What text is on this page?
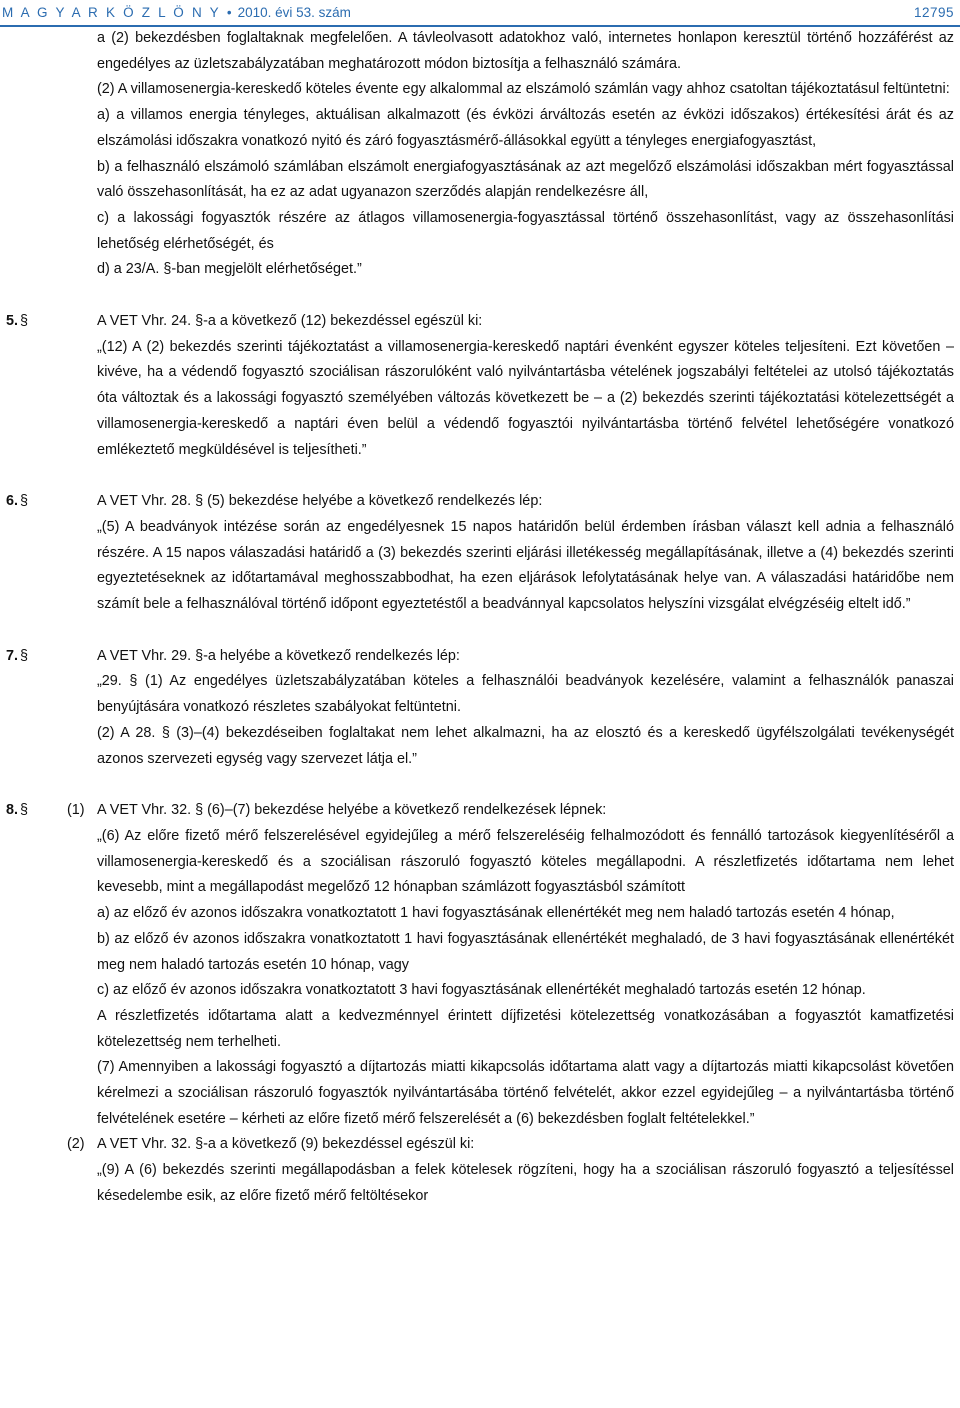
M A G Y A R K Ö Z L Ö N Y • 2010. évi 53. szám	12795

a (2) bekezdésben foglaltaknak megfelelően. A távleolvasott adatokhoz való, internetes honlapon keresztül történő hozzáférést az engedélyes az üzletszabályzatában meghatározott módon biztosítja a felhasználó számára.

(2) A villamosenergia-kereskedő köteles évente egy alkalommal az elszámoló számlán vagy ahhoz csatoltan tájékoztatásul feltüntetni:

a) a villamos energia tényleges, aktuálisan alkalmazott (és évközi árváltozás esetén az évközi időszakos) értékesítési árát és az elszámolási időszakra vonatkozó nyitó és záró fogyasztásmérő-állásokkal együtt a tényleges energiafogyasztást,

b) a felhasználó elszámoló számlában elszámolt energiafogyasztásának az azt megelőző elszámolási időszakban mért fogyasztással való összehasonlítását, ha ez az adat ugyanazon szerződés alapján rendelkezésre áll,

c) a lakossági fogyasztók részére az átlagos villamosenergia-fogyasztással történő összehasonlítást, vagy az összehasonlítási lehetőség elérhetőségét, és

d) a 23/A. §-ban megjelölt elérhetőséget.”

5. §	A VET Vhr. 24. §-a a következő (12) bekezdéssel egészül ki:

„(12) A (2) bekezdés szerinti tájékoztatást a villamosenergia-kereskedő naptári évenként egyszer köteles teljesíteni. Ezt követően – kivéve, ha a védendő fogyasztó szociálisan rászorulóként való nyilvántartásba vételének jogszabályi feltételei az utolsó tájékoztatás óta változtak és a lakossági fogyasztó személyében változás következett be – a (2) bekezdés szerinti tájékoztatási kötelezettségét a villamosenergia-kereskedő a naptári éven belül a védendő fogyasztói nyilvántartásba történő felvétel lehetőségére vonatkozó emlékeztető megküldésével is teljesítheti.”

6. §	A VET Vhr. 28. § (5) bekezdése helyébe a következő rendelkezés lép:

„(5) A beadványok intézése során az engedélyesnek 15 napos határidőn belül érdemben írásban választ kell adnia a felhasználó részére. A 15 napos válaszadási határidő a (3) bekezdés szerinti eljárási illetékesség megállapításának, illetve a (4) bekezdés szerinti egyeztetéseknek az időtartamával meghosszabbodhat, ha ezen eljárások lefolytatásának helye van. A válaszadási határidőbe nem számít bele a felhasználóval történő időpont egyeztetéstől a beadvánnyal kapcsolatos helyszíni vizsgálat elvégzéséig eltelt idő.”

7. §	A VET Vhr. 29. §-a helyébe a következő rendelkezés lép:

„29. § (1) Az engedélyes üzletszabályzatában köteles a felhasználói beadványok kezelésére, valamint a felhasználók panaszai benyújtására vonatkozó részletes szabályokat feltüntetni.

(2) A 28. § (3)–(4) bekezdéseiben foglaltakat nem lehet alkalmazni, ha az elosztó és a kereskedő ügyfélszolgálati tevékenységét azonos szervezeti egység vagy szervezet látja el.”

8. §	(1) A VET Vhr. 32. § (6)–(7) bekezdése helyébe a következő rendelkezések lépnek:

„(6) Az előre fizető mérő felszerelésével egyidejűleg a mérő felszereléséig felhalmozódott és fennálló tartozások kiegyenlítéséről a villamosenergia-kereskedő és a szociálisan rászoruló fogyasztó köteles megállapodni. A részletfizetés időtartama nem lehet kevesebb, mint a megállapodást megelőző 12 hónapban számlázott fogyasztásból számított

a) az előző év azonos időszakra vonatkoztatott 1 havi fogyasztásának ellenértékét meg nem haladó tartozás esetén 4 hónap,

b) az előző év azonos időszakra vonatkoztatott 1 havi fogyasztásának ellenértékét meghaladó, de 3 havi fogyasztásának ellenértékét meg nem haladó tartozás esetén 10 hónap, vagy

c) az előző év azonos időszakra vonatkoztatott 3 havi fogyasztásának ellenértékét meghaladó tartozás esetén 12 hónap.

A részletfizetés időtartama alatt a kedvezménnyel érintett díjfizetési kötelezettség vonatkozásában a fogyasztót kamatfizetési kötelezettség nem terhelheti.

(7) Amennyiben a lakossági fogyasztó a díjtartozás miatti kikapcsolás időtartama alatt vagy a díjtartozás miatti kikapcsolást követően kérelmezi a szociálisan rászoruló fogyasztók nyilvántartásába történő felvételét, akkor ezzel egyidejűleg – a nyilvántartásba történő felvételének esetére – kérheti az előre fizető mérő felszerelését a (6) bekezdésben foglalt feltételekkel.”

(2) A VET Vhr. 32. §-a a következő (9) bekezdéssel egészül ki:

„(9) A (6) bekezdés szerinti megállapodásban a felek kötelesek rögzíteni, hogy ha a szociálisan rászoruló fogyasztó a teljesítéssel késedelembe esik, az előre fizető mérő feltöltésekor
